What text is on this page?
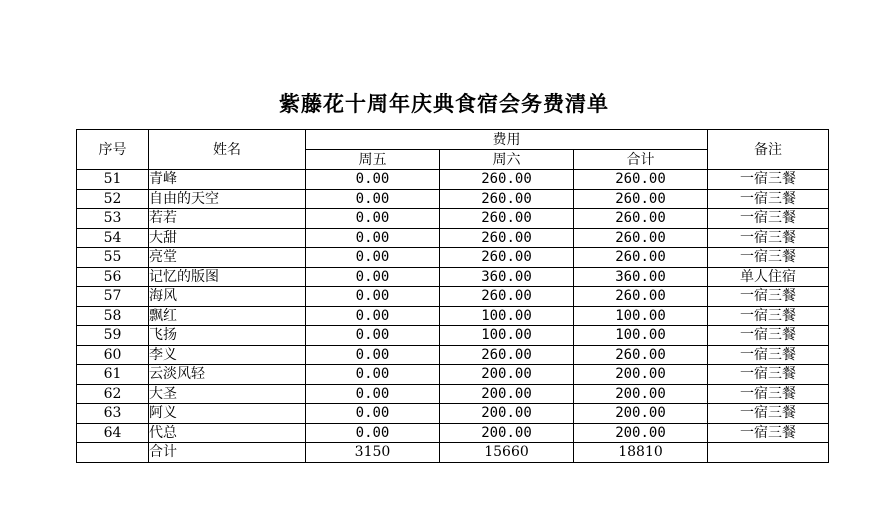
紫藤花十周年庆典食宿会务费清单
序号	姓名	费用			备注
		周五	周六	合计	
51	青峰	0.00	260.00	260.00	一宿三餐
52	自由的天空	0.00	260.00	260.00	一宿三餐
53	若若	0.00	260.00	260.00	一宿三餐
54	大甜	0.00	260.00	260.00	一宿三餐
55	亮堂	0.00	260.00	260.00	一宿三餐
56	记忆的版图	0.00	360.00	360.00	单人住宿
57	海风	0.00	260.00	260.00	一宿三餐
58	飘红	0.00	100.00	100.00	一宿三餐
59	飞扬	0.00	100.00	100.00	一宿三餐
60	李义	0.00	260.00	260.00	一宿三餐
61	云淡风轻	0.00	200.00	200.00	一宿三餐
62	大圣	0.00	200.00	200.00	一宿三餐
63	阿义	0.00	200.00	200.00	一宿三餐
64	代总	0.00	200.00	200.00	一宿三餐
	合计	3150	15660	18810	
